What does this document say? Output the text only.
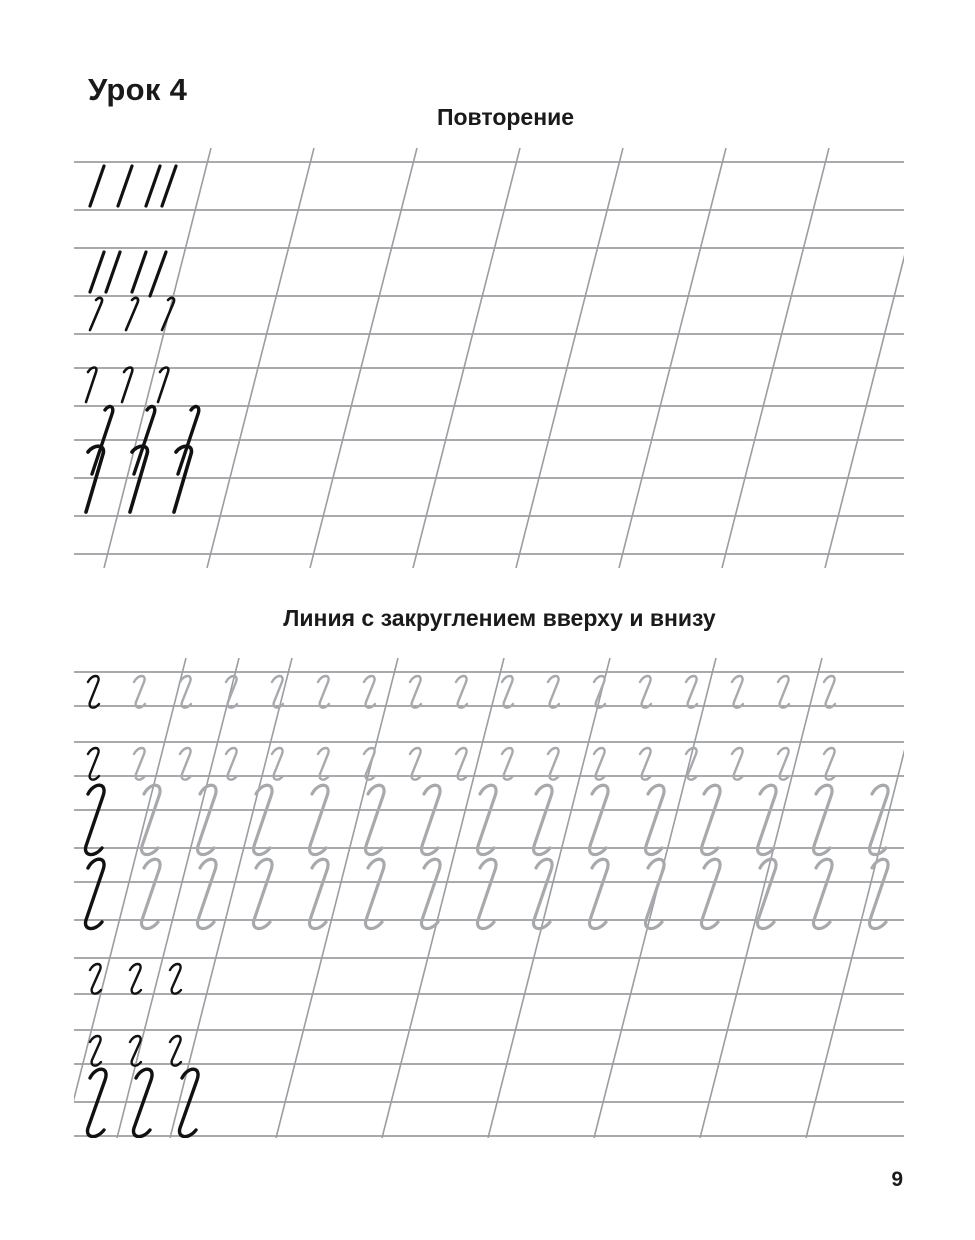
Урок 4
Повторение
Линия с закруглением вверху и внизу
9
